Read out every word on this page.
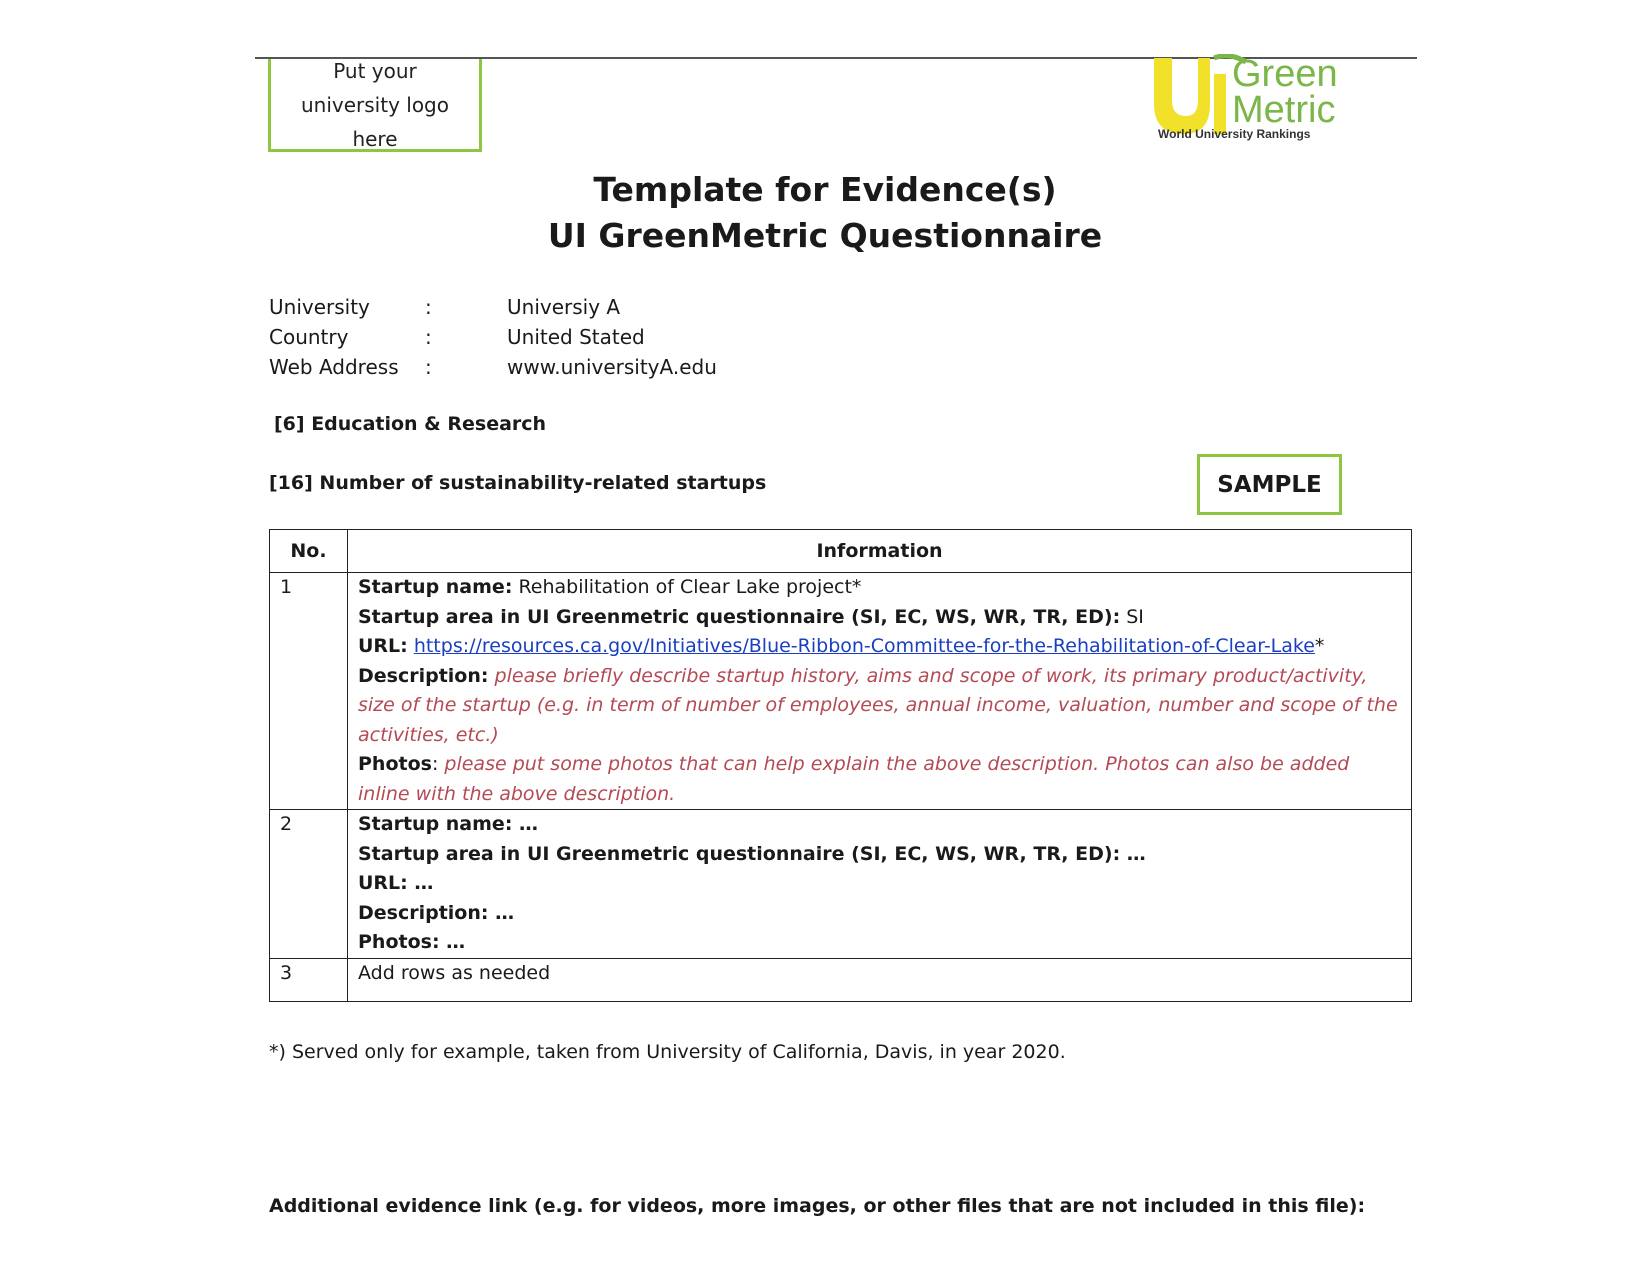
Put your university logo here
Green
Metric
World University Rankings
Template for Evidence(s)
UI GreenMetric Questionnaire
University	:	Universiy A
Country	:	United Stated
Web Address	:	www.universityA.edu
[6] Education & Research
[16] Number of sustainability-related startups	SAMPLE
No.	Information
1	Startup name: Rehabilitation of Clear Lake project*
Startup area in UI Greenmetric questionnaire (SI, EC, WS, WR, TR, ED): SI
URL: https://resources.ca.gov/Initiatives/Blue-Ribbon-Committee-for-the-Rehabilitation-of-Clear-Lake*
Description: please briefly describe startup history, aims and scope of work, its primary product/activity, size of the startup (e.g. in term of number of employees, annual income, valuation, number and scope of the activities, etc.)
Photos: please put some photos that can help explain the above description. Photos can also be added inline with the above description.

2	Startup name: …
Startup area in UI Greenmetric questionnaire (SI, EC, WS, WR, TR, ED): …
URL: …
Description: …
Photos: …

3	Add rows as needed
*) Served only for example, taken from University of California, Davis, in year 2020.
Additional evidence link (e.g. for videos, more images, or other files that are not included in this file):
